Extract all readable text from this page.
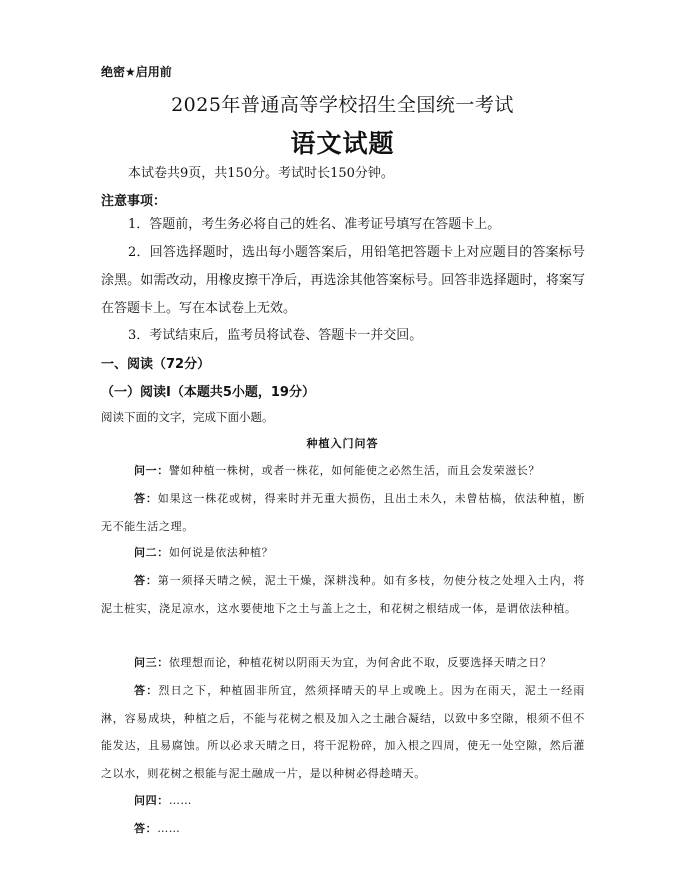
绝密★启用前
2025年普通高等学校招生全国统一考试
语文试题
本试卷共9页，共150分。考试时长150分钟。
注意事项：
1．答题前，考生务必将自己的姓名、准考证号填写在答题卡上。
2．回答选择题时，选出每小题答案后，用铅笔把答题卡上对应题目的答案标号涂黑。如需改动，用橡皮擦干净后，再选涂其他答案标号。回答非选择题时，将案写在答题卡上。写在本试卷上无效。
3．考试结束后，监考员将试卷、答题卡一并交回。
一、阅读（72分）
（一）阅读Ⅰ（本题共5小题，19分）
阅读下面的文字，完成下面小题。
种植入门问答
问一：譬如种植一株树，或者一株花，如何能使之必然生活，而且会发荣滋长？
答：如果这一株花或树，得来时并无重大损伤，且出土未久，未曾枯槁，依法种植，断无不能生活之理。
问二：如何说是依法种植？
答：第一须择天晴之候，泥土干燥，深耕浅种。如有多枝，勿使分枝之处埋入土内，将泥土桩实，浇足凉水，这水要使地下之土与盖上之土，和花树之根结成一体，是谓依法种植。
问三：依理想而论，种植花树以阴雨天为宜，为何舍此不取，反要选择天晴之日？
答：烈日之下，种植固非所宜，然须择晴天的早上或晚上。因为在雨天，泥土一经雨淋，容易成块，种植之后，不能与花树之根及加入之土融合凝结，以致中多空隙，根须不但不能发达，且易腐蚀。所以必求天晴之日，将干泥粉碎，加入根之四周，使无一处空隙，然后灌之以水，则花树之根能与泥土融成一片，是以种树必得趁晴天。
问四：……
答：……
